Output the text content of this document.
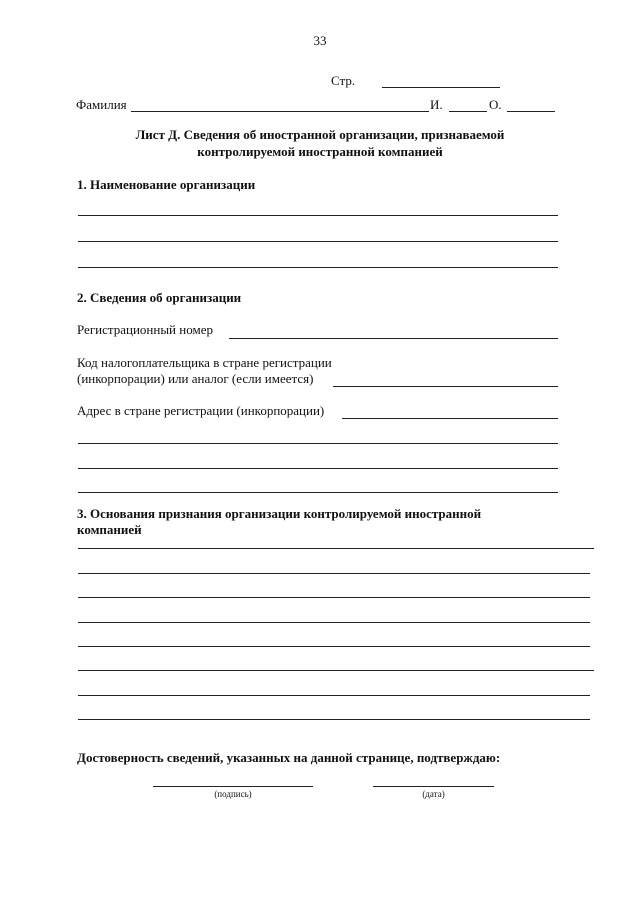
33
Стр.
Фамилия	И.	О.
Лист Д. Сведения об иностранной организации, признаваемой
контролируемой иностранной компанией
1. Наименование организации
2. Сведения об организации
Регистрационный номер
Код налогоплательщика в стране регистрации
(инкорпорации) или аналог (если имеется)
Адрес в стране регистрации (инкорпорации)
3. Основания признания организации контролируемой иностранной
компанией
Достоверность сведений, указанных на данной странице, подтверждаю:
(подпись)	(дата)
